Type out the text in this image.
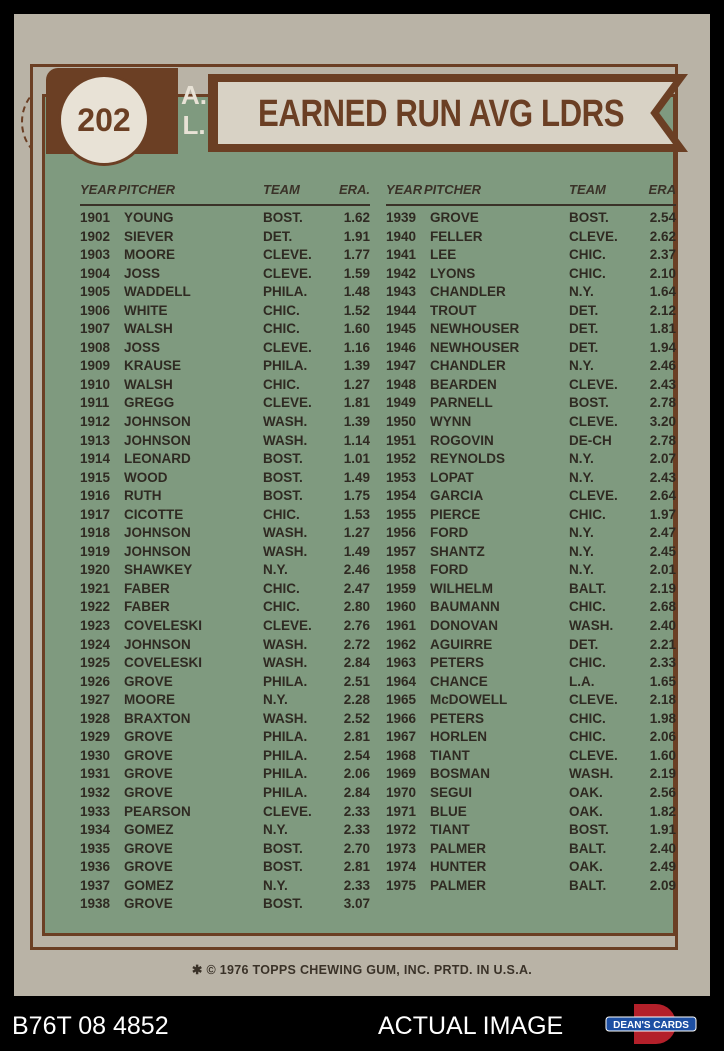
EARNED RUN AVG LDRS
202
A.
L.
YEAR PITCHER	TEAM	ERA.
1901 YOUNG	BOST.	1.62
1902 SIEVER	DET.	1.91
1903 MOORE	CLEVE. 1.77
1904 JOSS	CLEVE. 1.59
1905 WADDELL	PHILA.	1.48
1906 WHITE	CHIC.	1.52
1907 WALSH	CHIC.	1.60
1908 JOSS	CLEVE. 1.16
1909 KRAUSE	PHILA.	1.39
1910 WALSH	CHIC.	1.27
1911 GREGG	CLEVE. 1.81
1912 JOHNSON	WASH.	1.39
1913 JOHNSON	WASH.	1.14
1914 LEONARD	BOST.	1.01
1915 WOOD	BOST.	1.49
1916 RUTH	BOST.	1.75
1917 CICOTTE	CHIC.	1.53
1918 JOHNSON	WASH.	1.27
1919 JOHNSON	WASH.	1.49
1920 SHAWKEY	N.Y.	2.46
1921 FABER	CHIC.	2.47
1922 FABER	CHIC.	2.80
1923 COVELESKI	CLEVE. 2.76
1924 JOHNSON	WASH.	2.72
1925 COVELESKI	WASH.	2.84
1926 GROVE	PHILA.	2.51
1927 MOORE	N.Y.	2.28
1928 BRAXTON	WASH.	2.52
1929 GROVE	PHILA.	2.81
1930 GROVE	PHILA.	2.54
1931 GROVE	PHILA.	2.06
1932 GROVE	PHILA.	2.84
1933 PEARSON	CLEVE. 2.33
1934 GOMEZ	N.Y.	2.33
1935 GROVE	BOST.	2.70
1936 GROVE	BOST.	2.81
1937 GOMEZ	N.Y.	2.33
1938 GROVE	BOST.	3.07
YEAR PITCHER	TEAM	ERA
1939 GROVE	BOST.	2.54
1940 FELLER	CLEVE. 2.62
1941 LEE	CHIC.	2.37
1942 LYONS	CHIC.	2.10
1943 CHANDLER	N.Y.	1.64
1944 TROUT	DET.	2.12
1945 NEWHOUSER	DET.	1.81
1946 NEWHOUSER	DET.	1.94
1947 CHANDLER	N.Y.	2.46
1948 BEARDEN	CLEVE. 2.43
1949 PARNELL	BOST.	2.78
1950 WYNN	CLEVE. 3.20
1951 ROGOVIN	DE-CH	2.78
1952 REYNOLDS	N.Y.	2.07
1953 LOPAT	N.Y.	2.43
1954 GARCIA	CLEVE. 2.64
1955 PIERCE	CHIC.	1.97
1956 FORD	N.Y.	2.47
1957 SHANTZ	N.Y.	2.45
1958 FORD	N.Y.	2.01
1959 WILHELM	BALT.	2.19
1960 BAUMANN	CHIC.	2.68
1961 DONOVAN	WASH.	2.40
1962 AGUIRRE	DET.	2.21
1963 PETERS	CHIC.	2.33
1964 CHANCE	L.A.	1.65
1965 McDOWELL	CLEVE. 2.18
1966 PETERS	CHIC.	1.98
1967 HORLEN	CHIC.	2.06
1968 TIANT	CLEVE. 1.60
1969 BOSMAN	WASH.	2.19
1970 SEGUI	OAK.	2.56
1971 BLUE	OAK.	1.82
1972 TIANT	BOST.	1.91
1973 PALMER	BALT.	2.40
1974 HUNTER	OAK.	2.49
1975 PALMER	BALT.	2.09
✱ © 1976 TOPPS CHEWING GUM, INC. PRTD. IN U.S.A.
B76T 08 4852	ACTUAL IMAGE	DEAN'S CARDS
